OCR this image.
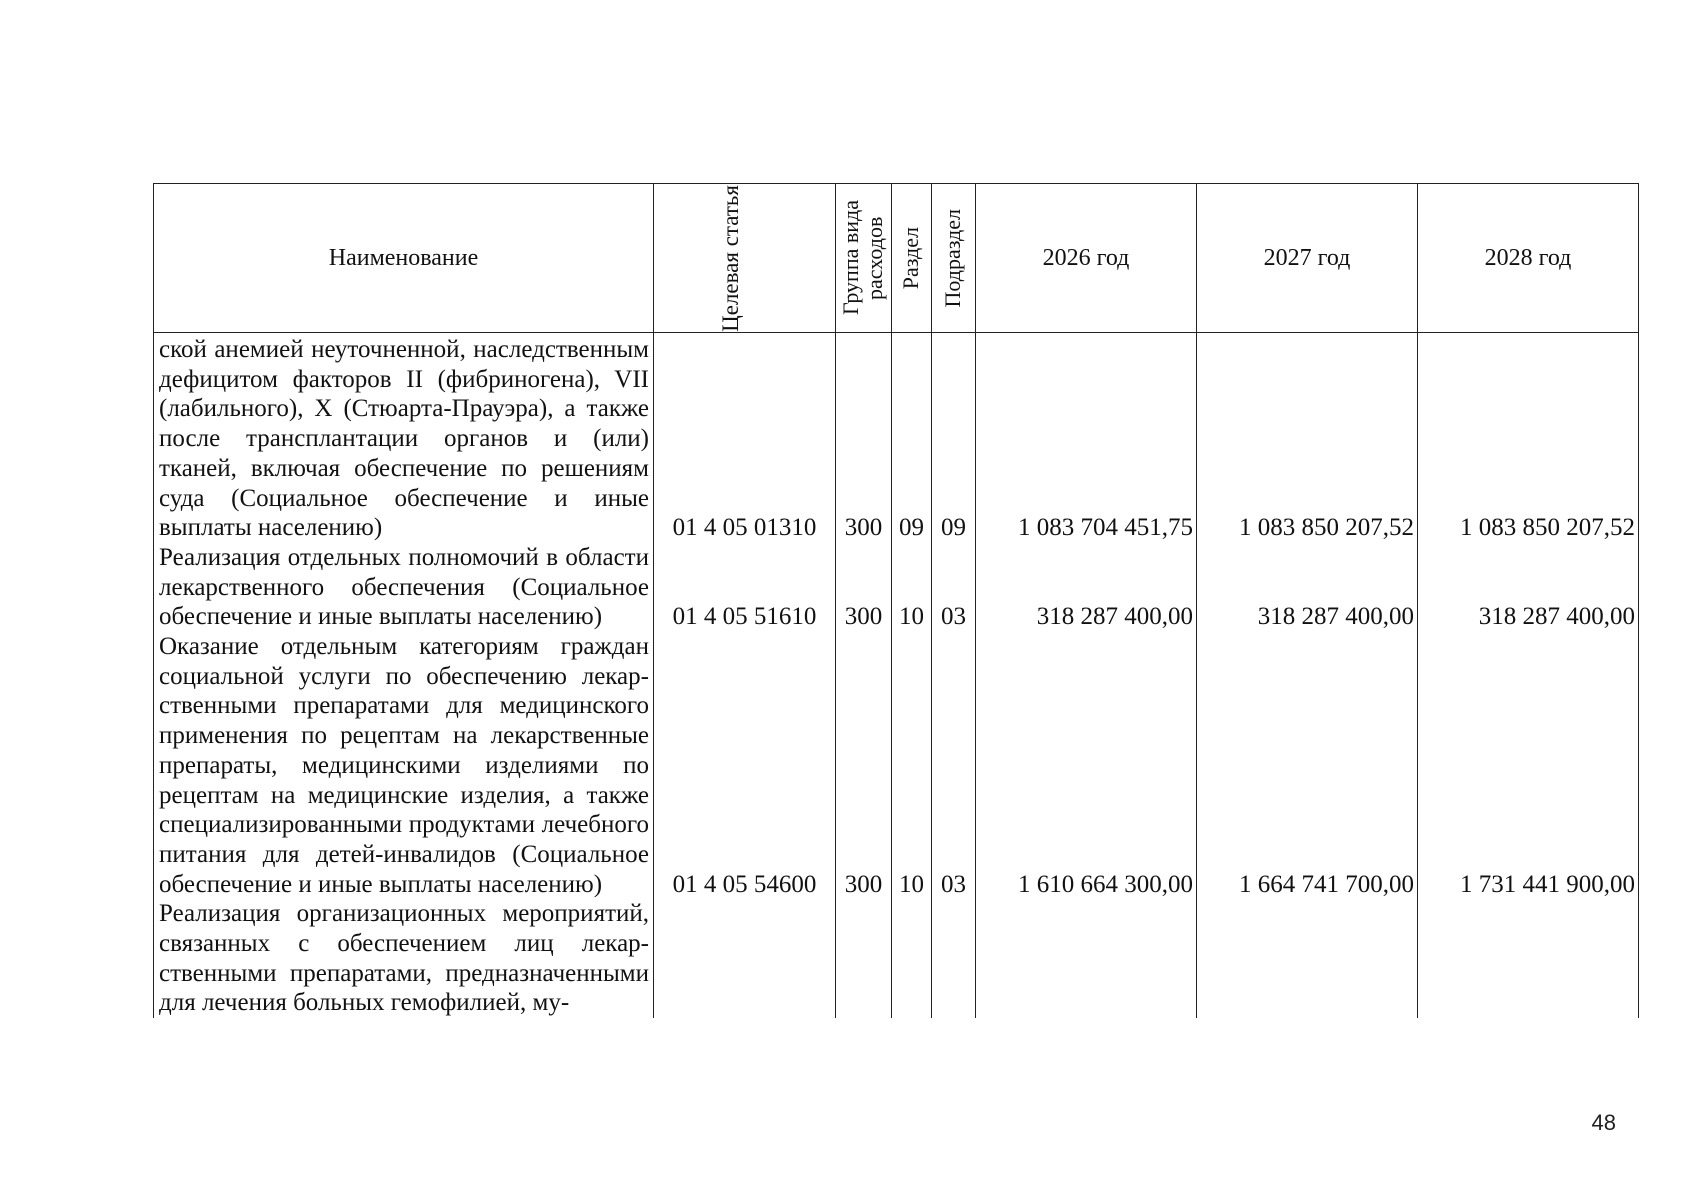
Наименование	Целевая статья	Группа вида расходов	Раздел	Подраздел	2026 год	2027 год	2028 год

ской анемией неуточненной, наследственным дефицитом факторов II (фибриногена), VII (лабильного), X (Стюарта-Прауэра), а также после трансплантации органов и (или) тканей, включая обеспечение по решениям суда (Социальное обеспечение и иные выплаты населению)	01 4 05 01310	300	09	09	1 083 704 451,75	1 083 850 207,52	1 083 850 207,52

Реализация отдельных полномочий в области лекарственного обеспечения (Социальное обеспечение и иные выплаты населению)	01 4 05 51610	300	10	03	318 287 400,00	318 287 400,00	318 287 400,00

Оказание отдельным категориям граждан социальной услуги по обеспечению лекарственными препаратами для медицинского применения по рецептам на лекарственные препараты, медицинскими изделиями по рецептам на медицинские изделия, а также специализированными продуктами лечебного питания для детей-инвалидов (Социальное обеспечение и иные выплаты населению)	01 4 05 54600	300	10	03	1 610 664 300,00	1 664 741 700,00	1 731 441 900,00

Реализация организационных мероприятий, связанных с обеспечением лиц лекарственными препаратами, предназначенными для лечения больных гемофилией, му-							

48
